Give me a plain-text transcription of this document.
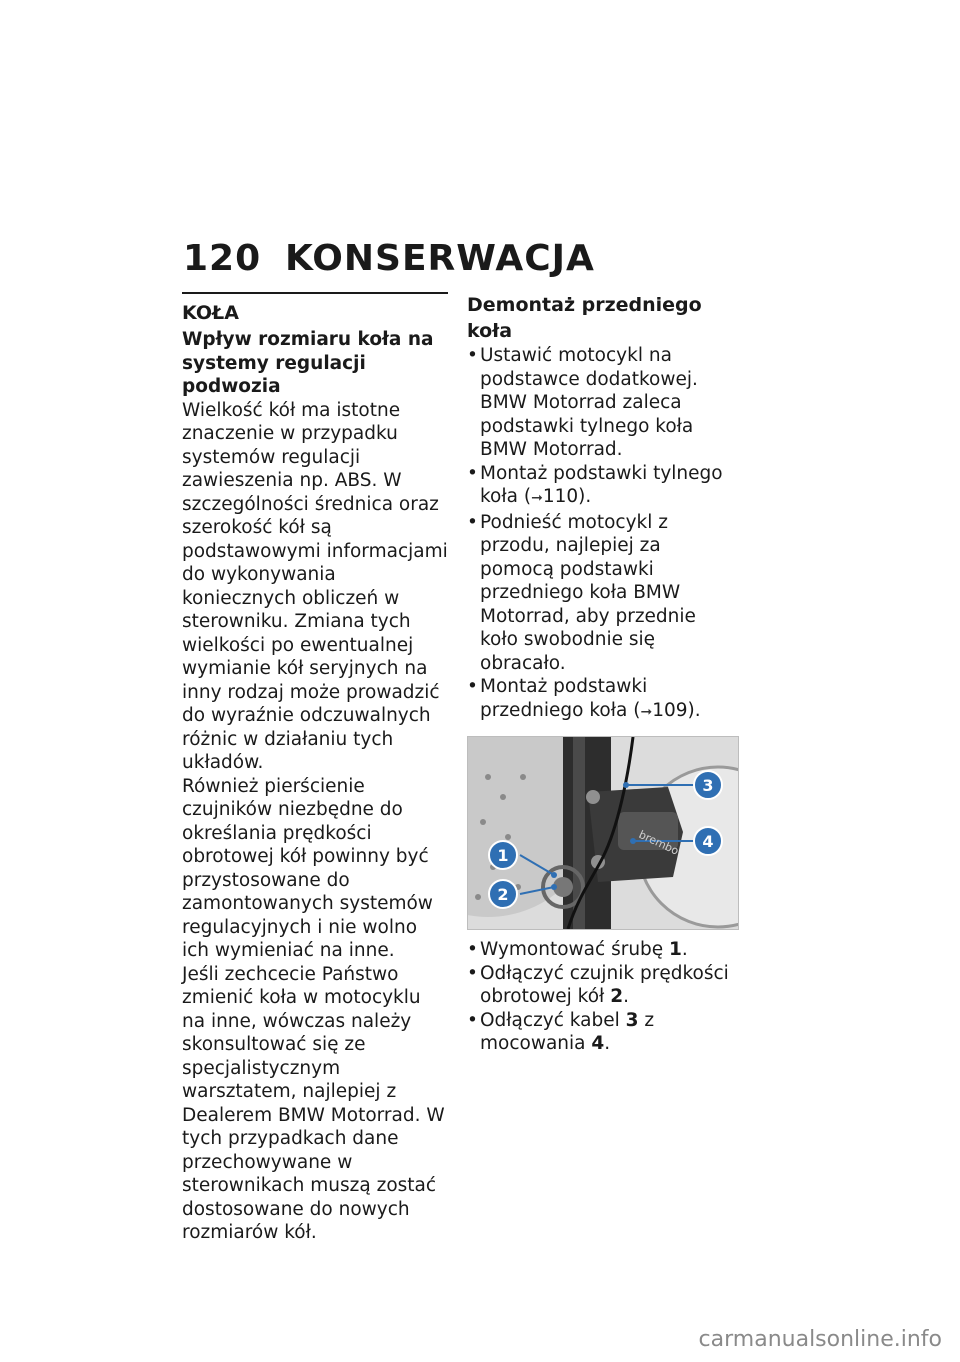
120 KONSERWACJA
KOŁA
Wpływ rozmiaru koła na systemy regulacji podwozia
Wielkość kół ma istotne znaczenie w przypadku systemów regulacji zawieszenia np. ABS. W szczególności średnica oraz szerokość kół są podstawowymi informacjami do wykonywania koniecznych obliczeń w sterowniku. Zmiana tych wielkości po ewentualnej wymianie kół seryjnych na inny rodzaj może prowadzić do wyraźnie odczuwalnych różnic w działaniu tych układów.
Również pierścienie czujników niezbędne do określania prędkości obrotowej kół powinny być przystosowane do zamontowanych systemów regulacyjnych i nie wolno ich wymieniać na inne.
Jeśli zechcecie Państwo zmienić koła w motocyklu na inne, wówczas należy skonsultować się ze specjalistycznym warsztatem, najlepiej z Dealerem BMW Motorrad. W tych przypadkach dane przechowywane w sterownikach muszą zostać dostosowane do nowych rozmiarów kół.
Demontaż przedniego koła
• Ustawić motocykl na podstawce dodatkowej. BMW Motorrad zaleca podstawki tylnego koła BMW Motorrad.
• Montaż podstawki tylnego koła (➞110).
• Podnieść motocykl z przodu, najlepiej za pomocą podstawki przedniego koła BMW Motorrad, aby przednie koło swobodnie się obracało.
• Montaż podstawki przedniego koła (➞109).
brembo
1
2
3
4
• Wymontować śrubę 1.
• Odłączyć czujnik prędkości obrotowej kół 2.
• Odłączyć kabel 3 z mocowania 4.
carmanualsonline.info
